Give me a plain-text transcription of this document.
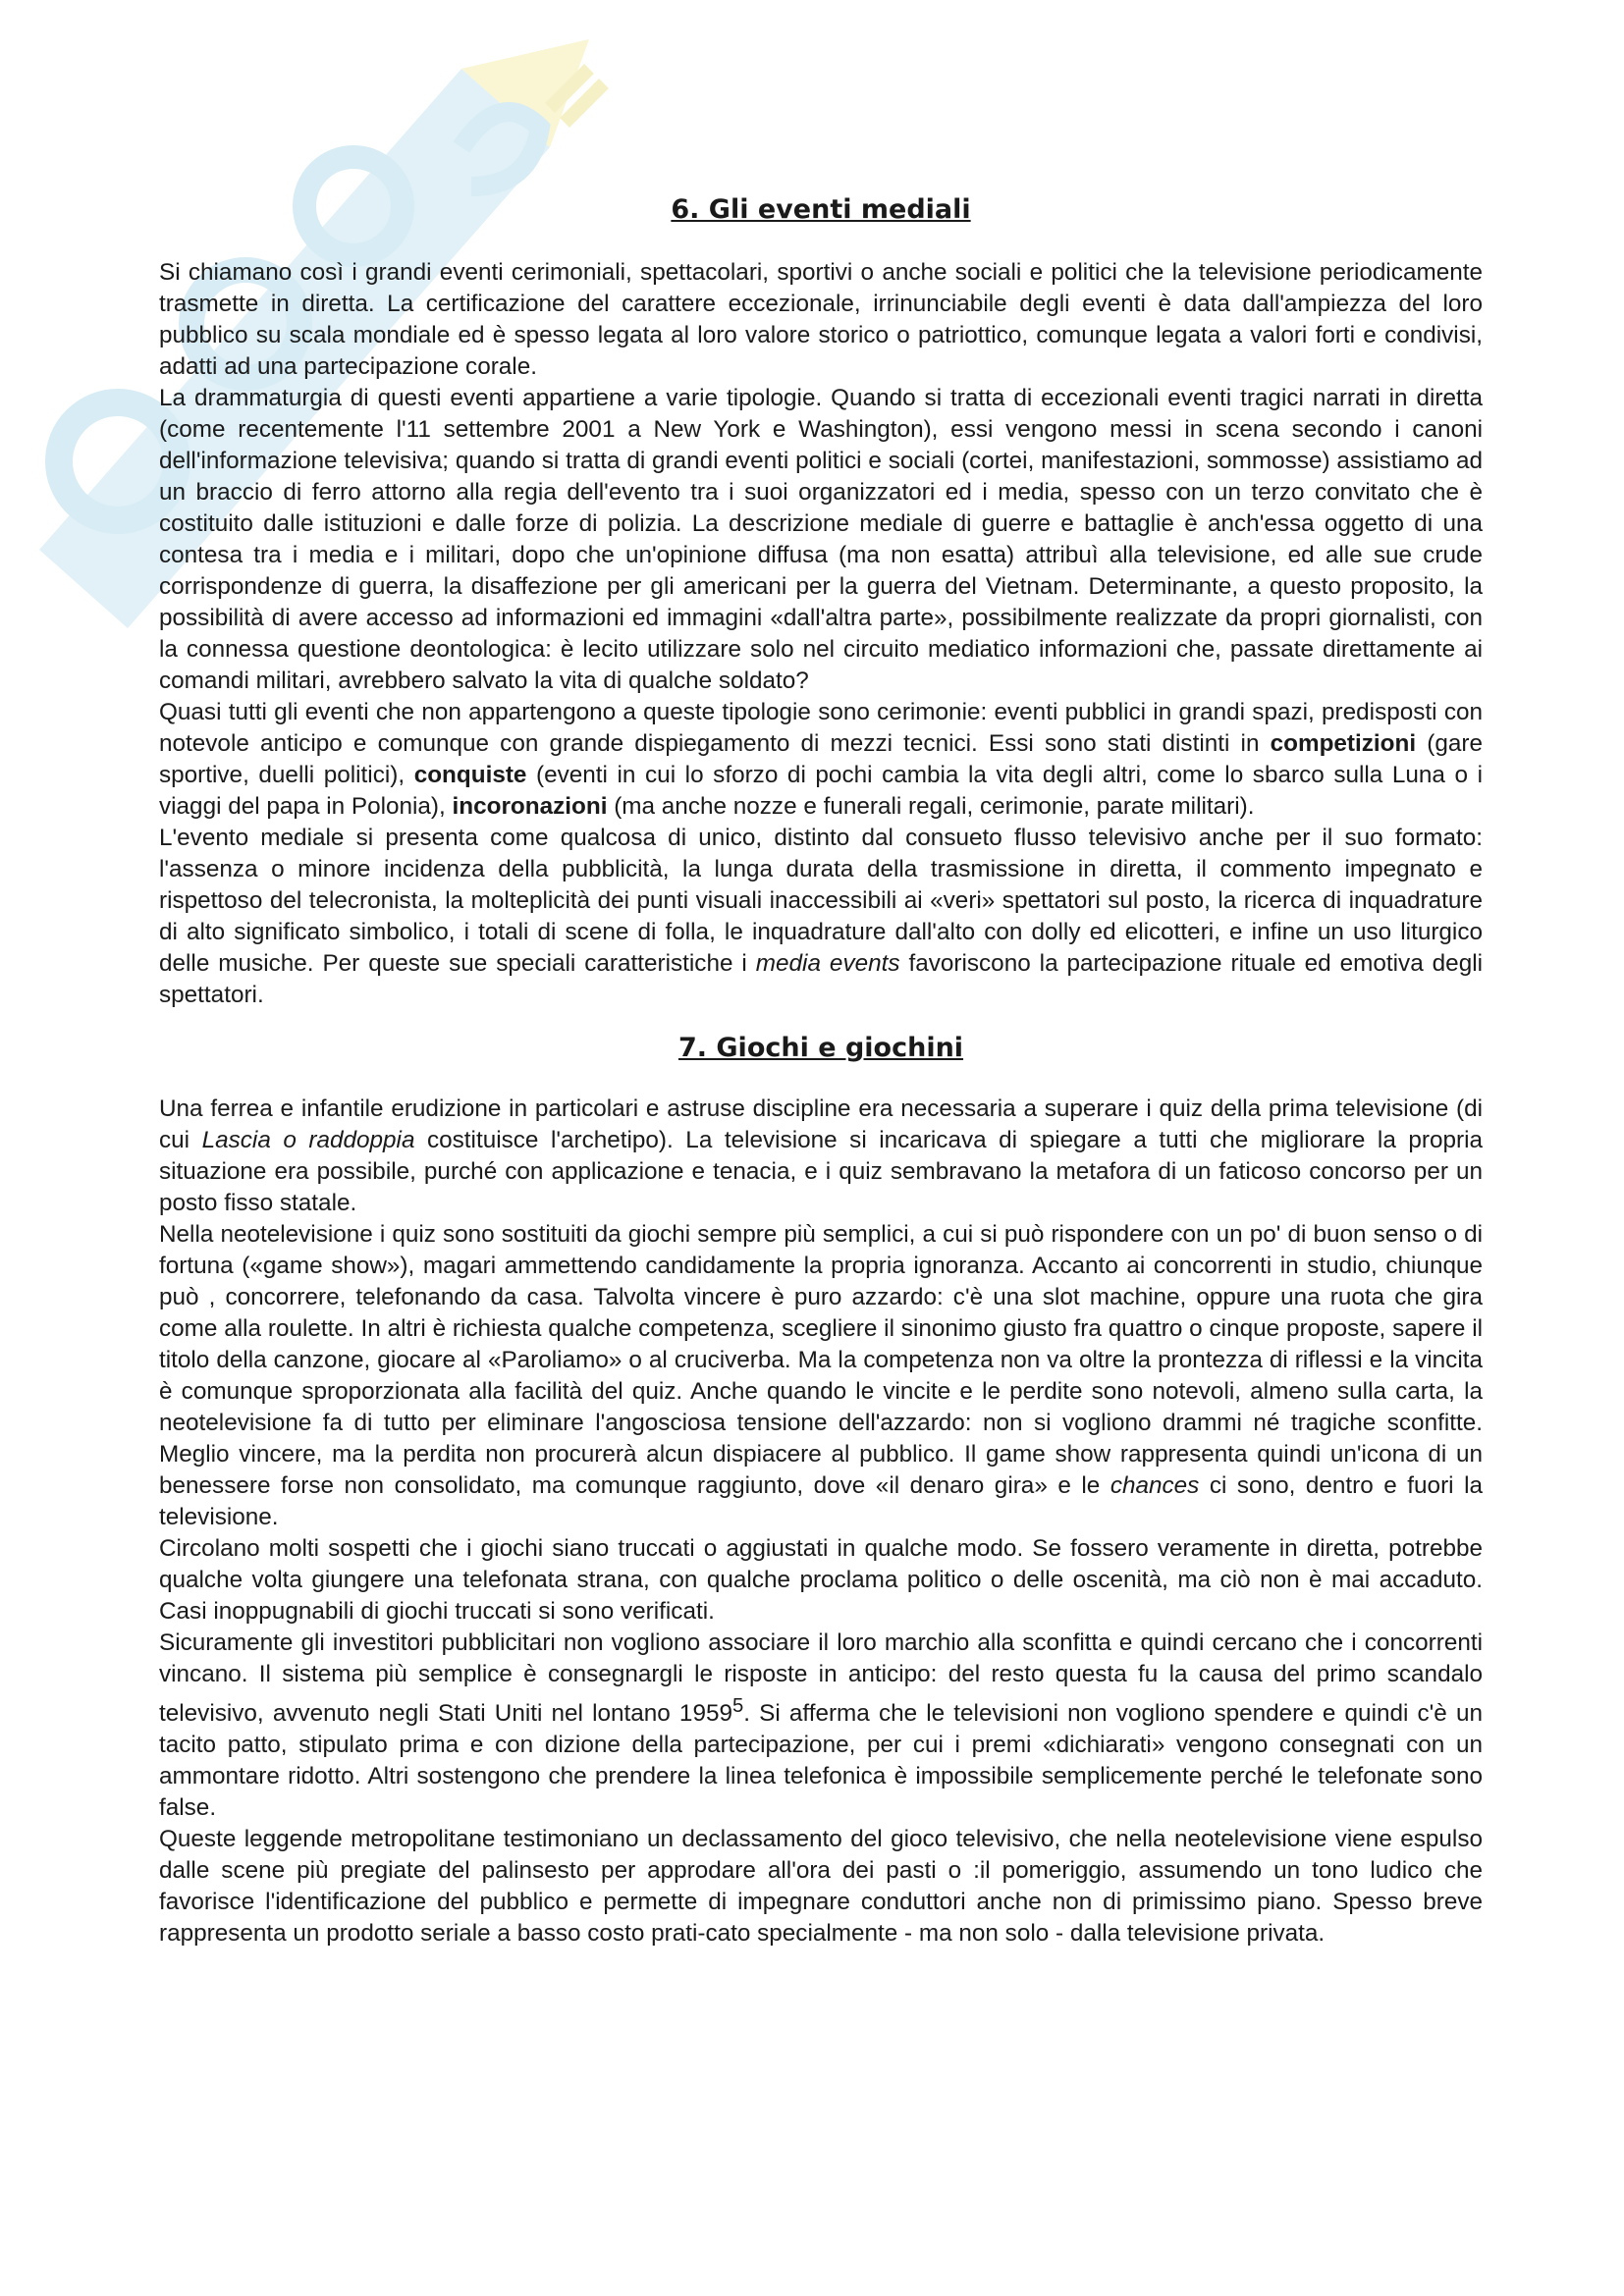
6. Gli eventi mediali

Si chiamano così i grandi eventi cerimoniali, spettacolari, sportivi o anche sociali e politici che la televisione periodicamente trasmette in diretta. La certificazione del carattere eccezionale, irrinunciabile degli eventi è data dall'ampiezza del loro pubblico su scala mondiale ed è spesso legata al loro valore storico o patriottico, comunque legata a valori forti e condivisi, adatti ad una partecipazione corale.

La drammaturgia di questi eventi appartiene a varie tipologie. Quando si tratta di eccezionali eventi tragici narrati in diretta (come recentemente l'11 settembre 2001 a New York e Washington), essi vengono messi in scena secondo i canoni dell'informazione televisiva; quando si tratta di grandi eventi politici e sociali (cortei, manifestazioni, sommosse) assistiamo ad un braccio di ferro attorno alla regia dell'evento tra i suoi organizzatori ed i media, spesso con un terzo convitato che è costituito dalle istituzioni e dalle forze di polizia. La descrizione mediale di guerre e battaglie è anch'essa oggetto di una contesa tra i media e i militari, dopo che un'opinione diffusa (ma non esatta) attribuì alla televisione, ed alle sue crude corrispondenze di guerra, la disaffezione per gli americani per la guerra del Vietnam. Determinante, a questo proposito, la possibilità di avere accesso ad informazioni ed immagini «dall'altra parte», possibilmente realizzate da propri giornalisti, con la connessa questione deontologica: è lecito utilizzare solo nel circuito mediatico informazioni che, passate direttamente ai comandi militari, avrebbero salvato la vita di qualche soldato?

Quasi tutti gli eventi che non appartengono a queste tipologie sono cerimonie: eventi pubblici in grandi spazi, predisposti con notevole anticipo e comunque con grande dispiegamento di mezzi tecnici. Essi sono stati distinti in competizioni (gare sportive, duelli politici), conquiste (eventi in cui lo sforzo di pochi cambia la vita degli altri, come lo sbarco sulla Luna o i viaggi del papa in Polonia), incoronazioni (ma anche nozze e funerali regali, cerimonie, parate militari).

L'evento mediale si presenta come qualcosa di unico, distinto dal consueto flusso televisivo anche per il suo formato: l'assenza o minore incidenza della pubblicità, la lunga durata della trasmissione in diretta, il commento impegnato e rispettoso del telecronista, la molteplicità dei punti visuali inaccessibili ai «veri» spettatori sul posto, la ricerca di inquadrature di alto significato simbolico, i totali di scene di folla, le inquadrature dall'alto con dolly ed elicotteri, e infine un uso liturgico delle musiche. Per queste sue speciali caratteristiche i media events favoriscono la partecipazione rituale ed emotiva degli spettatori.

7. Giochi e giochini

Una ferrea e infantile erudizione in particolari e astruse discipline era necessaria a superare i quiz della prima televisione (di cui Lascia o raddoppia costituisce l'archetipo). La televisione si incaricava di spiegare a tutti che migliorare la propria situazione era possibile, purché con applicazione e tenacia, e i quiz sembravano la metafora di un faticoso concorso per un posto fisso statale.

Nella neotelevisione i quiz sono sostituiti da giochi sempre più semplici, a cui si può rispondere con un po' di buon senso o di fortuna («game show»), magari ammettendo candidamente la propria ignoranza. Accanto ai concorrenti in studio, chiunque può , concorrere, telefonando da casa. Talvolta vincere è puro azzardo: c'è una slot machine, oppure una ruota che gira come alla roulette. In altri è richiesta qualche competenza, scegliere il sinonimo giusto fra quattro o cinque proposte, sapere il titolo della canzone, giocare al «Paroliamo» o al cruciverba. Ma la competenza non va oltre la prontezza di riflessi e la vincita è comunque sproporzionata alla facilità del quiz. Anche quando le vincite e le perdite sono notevoli, almeno sulla carta, la neotelevisione fa di tutto per eliminare l'angosciosa tensione dell'azzardo: non si vogliono drammi né tragiche sconfitte. Meglio vincere, ma la perdita non procurerà alcun dispiacere al pubblico. Il game show rappresenta quindi un'icona di un benessere forse non consolidato, ma comunque raggiunto, dove «il denaro gira» e le chances ci sono, dentro e fuori la televisione.

Circolano molti sospetti che i giochi siano truccati o aggiustati in qualche modo. Se fossero veramente in diretta, potrebbe qualche volta giungere una telefonata strana, con qualche proclama politico o delle oscenità, ma ciò non è mai accaduto. Casi inoppugnabili di giochi truccati si sono verificati.

Sicuramente gli investitori pubblicitari non vogliono associare il loro marchio alla sconfitta e quindi cercano che i concorrenti vincano. Il sistema più semplice è consegnargli le risposte in anticipo: del resto questa fu la causa del primo scandalo televisivo, avvenuto negli Stati Uniti nel lontano 1959$^5$. Si afferma che le televisioni non vogliono spendere e quindi c'è un tacito patto, stipulato prima e con dizione della partecipazione, per cui i premi «dichiarati» vengono consegnati con un ammontare ridotto. Altri sostengono che prendere la linea telefonica è impossibile semplicemente perché le telefonate sono false.

Queste leggende metropolitane testimoniano un declassamento del gioco televisivo, che nella neotelevisione viene espulso dalle scene più pregiate del palinsesto per approdare all'ora dei pasti o :il pomeriggio, assumendo un tono ludico che favorisce l'identificazione del pubblico e permette di impegnare conduttori anche non di primissimo piano. Spesso breve rappresenta un prodotto seriale a basso costo prati-cato specialmente - ma non solo - dalla televisione privata.
